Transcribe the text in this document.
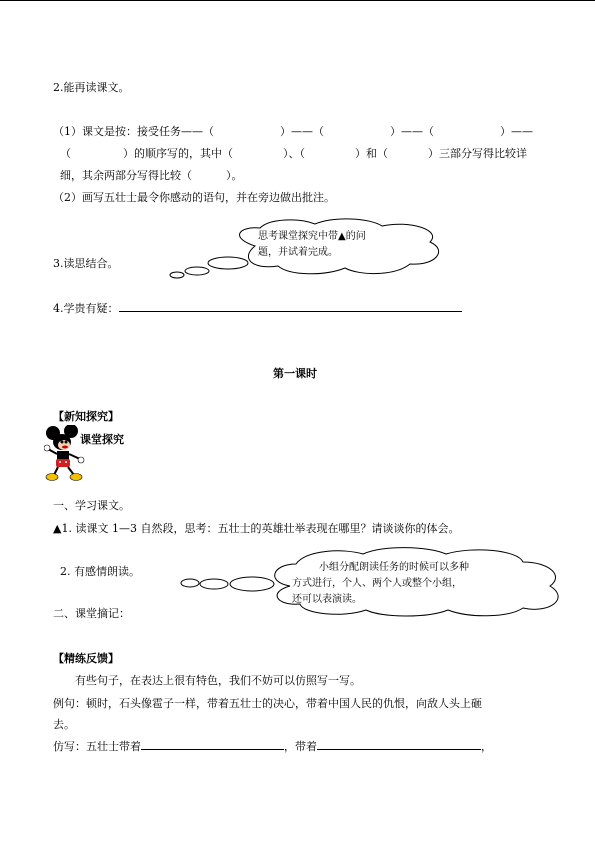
2.能再读课文。
（1）课文是按：接受任务——（	）——（	）——（	）——
（	）的顺序写的，其中（	）、（	）和（	）三部分写得比较详
细，其余两部分写得比较（	）。
（2）画写五壮士最令你感动的语句，并在旁边做出批注。
思考课堂探究中带▲的问
题，并试着完成。
3.读思结合。
4.学贵有疑：
第一课时
【新知探究】
课堂探究
一、学习课文。
▲1. 读课文 1—3 自然段，思考：五壮士的英雄壮举表现在哪里？请谈谈你的体会。
2. 有感情朗读。	小组分配朗读任务的时候可以多种
方式进行，个人、两个人或整个小组，
还可以表演读。
二、课堂摘记：
【精练反馈】
有些句子，在表达上很有特色，我们不妨可以仿照写一写。
例句：顿时，石头像雹子一样，带着五壮士的决心，带着中国人民的仇恨，向敌人头上砸
去。
仿写：五壮士带着	，带着	，
